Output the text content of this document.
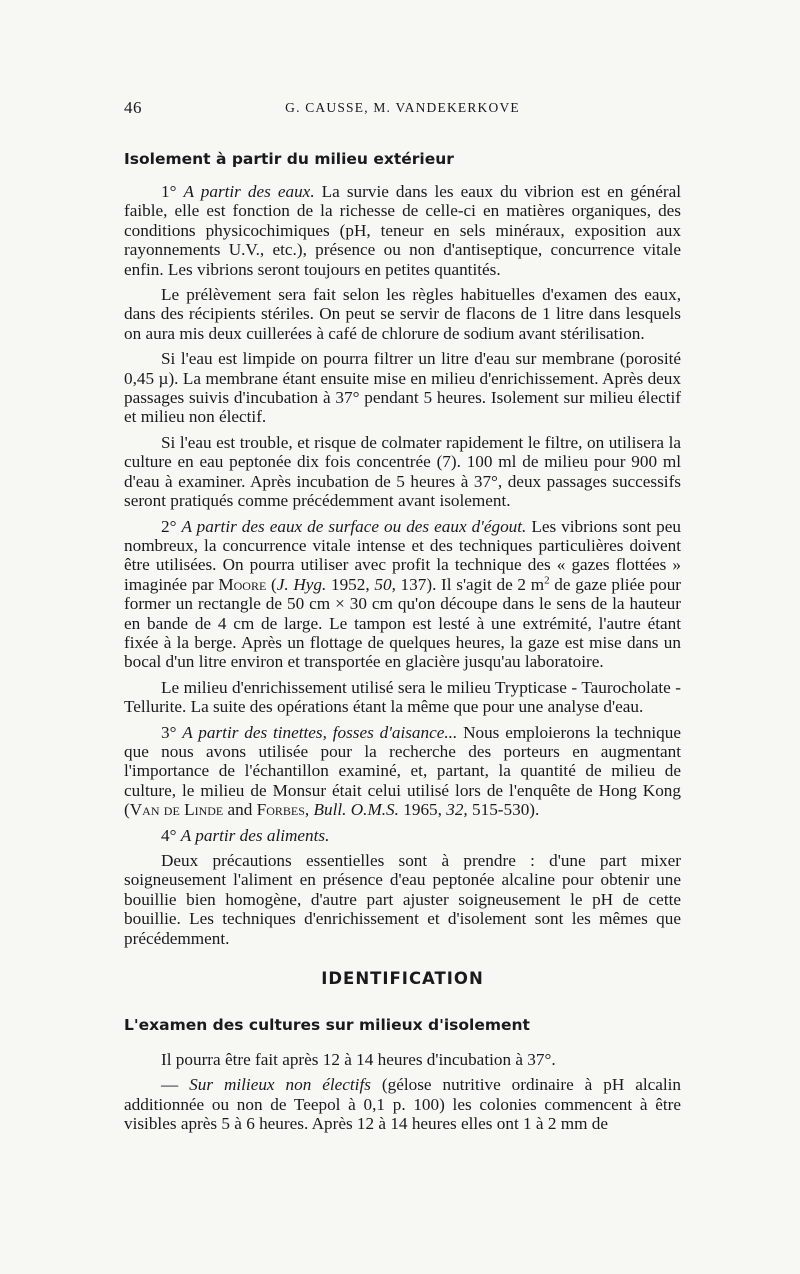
46	G. CAUSSE, M. VANDEKERKOVE
Isolement à partir du milieu extérieur

1° A partir des eaux. La survie dans les eaux du vibrion est en général faible, elle est fonction de la richesse de celle-ci en matières organiques, des conditions physicochimiques (pH, teneur en sels minéraux, exposition aux rayonnements U.V., etc.), présence ou non d'antiseptique, concurrence vitale enfin. Les vibrions seront toujours en petites quantités.

Le prélèvement sera fait selon les règles habituelles d'examen des eaux, dans des récipients stériles. On peut se servir de flacons de 1 litre dans lesquels on aura mis deux cuillerées à café de chlorure de sodium avant stérilisation.

Si l'eau est limpide on pourra filtrer un litre d'eau sur membrane (porosité 0,45 µ). La membrane étant ensuite mise en milieu d'enrichissement. Après deux passages suivis d'incubation à 37° pendant 5 heures. Isolement sur milieu électif et milieu non électif.

Si l'eau est trouble, et risque de colmater rapidement le filtre, on utilisera la culture en eau peptonée dix fois concentrée (7). 100 ml de milieu pour 900 ml d'eau à examiner. Après incubation de 5 heures à 37°, deux passages successifs seront pratiqués comme précédemment avant isolement.

2° A partir des eaux de surface ou des eaux d'égout. Les vibrions sont peu nombreux, la concurrence vitale intense et des techniques particulières doivent être utilisées. On pourra utiliser avec profit la technique des « gazes flottées » imaginée par Moore (J. Hyg. 1952, 50, 137). Il s'agit de 2 $m^2$ de gaze pliée pour former un rectangle de 50 cm × 30 cm qu'on découpe dans le sens de la hauteur en bande de 4 cm de large. Le tampon est lesté à une extrémité, l'autre étant fixée à la berge. Après un flottage de quelques heures, la gaze est mise dans un bocal d'un litre environ et transportée en glacière jusqu'au laboratoire.

Le milieu d'enrichissement utilisé sera le milieu Trypticase - Taurocholate - Tellurite. La suite des opérations étant la même que pour une analyse d'eau.

3° A partir des tinettes, fosses d'aisance... Nous emploierons la technique que nous avons utilisée pour la recherche des porteurs en augmentant l'importance de l'échantillon examiné, et, partant, la quantité de milieu de culture, le milieu de Monsur était celui utilisé lors de l'enquête de Hong Kong (Van de Linde and Forbes, Bull. O.M.S. 1965, 32, 515-530).

4° A partir des aliments.

Deux précautions essentielles sont à prendre : d'une part mixer soigneusement l'aliment en présence d'eau peptonée alcaline pour obtenir une bouillie bien homogène, d'autre part ajuster soigneusement le pH de cette bouillie. Les techniques d'enrichissement et d'isolement sont les mêmes que précédemment.

IDENTIFICATION
L'examen des cultures sur milieux d'isolement

Il pourra être fait après 12 à 14 heures d'incubation à 37°.

— Sur milieux non électifs (gélose nutritive ordinaire à pH alcalin additionnée ou non de Teepol à 0,1 p. 100) les colonies commencent à être visibles après 5 à 6 heures. Après 12 à 14 heures elles ont 1 à 2 mm de
